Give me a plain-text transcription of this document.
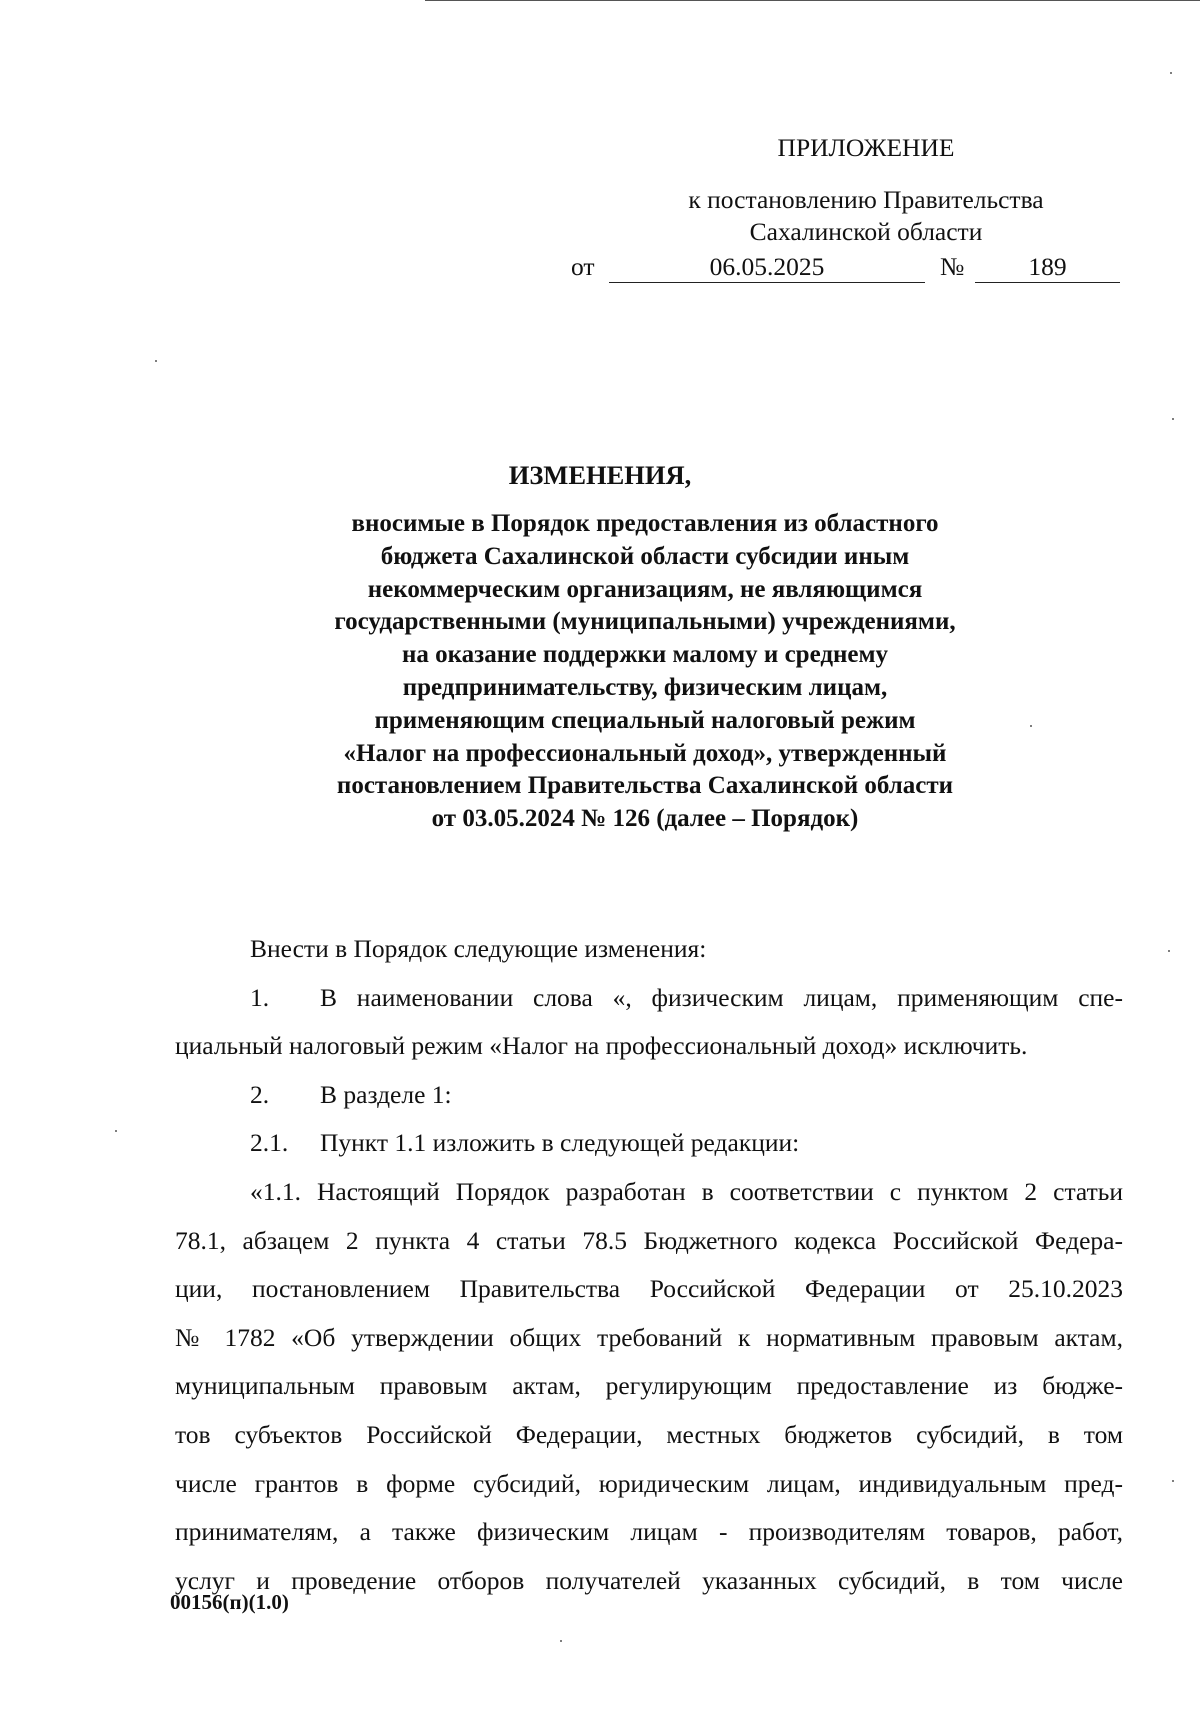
ПРИЛОЖЕНИЕ
к постановлению Правительства
Сахалинской области
от	06.05.2025	№	189
ИЗМЕНЕНИЯ,
вносимые в Порядок предоставления из областного
бюджета Сахалинской области субсидии иным
некоммерческим организациям, не являющимся
государственными (муниципальными) учреждениями,
на оказание поддержки малому и среднему
предпринимательству, физическим лицам,
применяющим специальный налоговый режим
«Налог на профессиональный доход», утвержденный
постановлением Правительства Сахалинской области
от 03.05.2024 № 126 (далее – Порядок)

Внести в Порядок следующие изменения:

1. В наименовании слова «, физическим лицам, применяющим спе-

циальный налоговый режим «Налог на профессиональный доход» исключить.

2. В разделе 1:

2.1. Пункт 1.1 изложить в следующей редакции:

«1.1. Настоящий Порядок разработан в соответствии с пунктом 2 статьи

78.1, абзацем 2 пункта 4 статьи 78.5 Бюджетного кодекса Российской Федера-

ции, постановлением Правительства Российской Федерации от 25.10.2023

№ 1782 «Об утверждении общих требований к нормативным правовым актам,

муниципальным правовым актам, регулирующим предоставление из бюдже-

тов субъектов Российской Федерации, местных бюджетов субсидий, в том

числе грантов в форме субсидий, юридическим лицам, индивидуальным пред-

принимателям, а также физическим лицам - производителям товаров, работ,

услуг и проведение отборов получателей указанных субсидий, в том числе

00156(п)(1.0)
